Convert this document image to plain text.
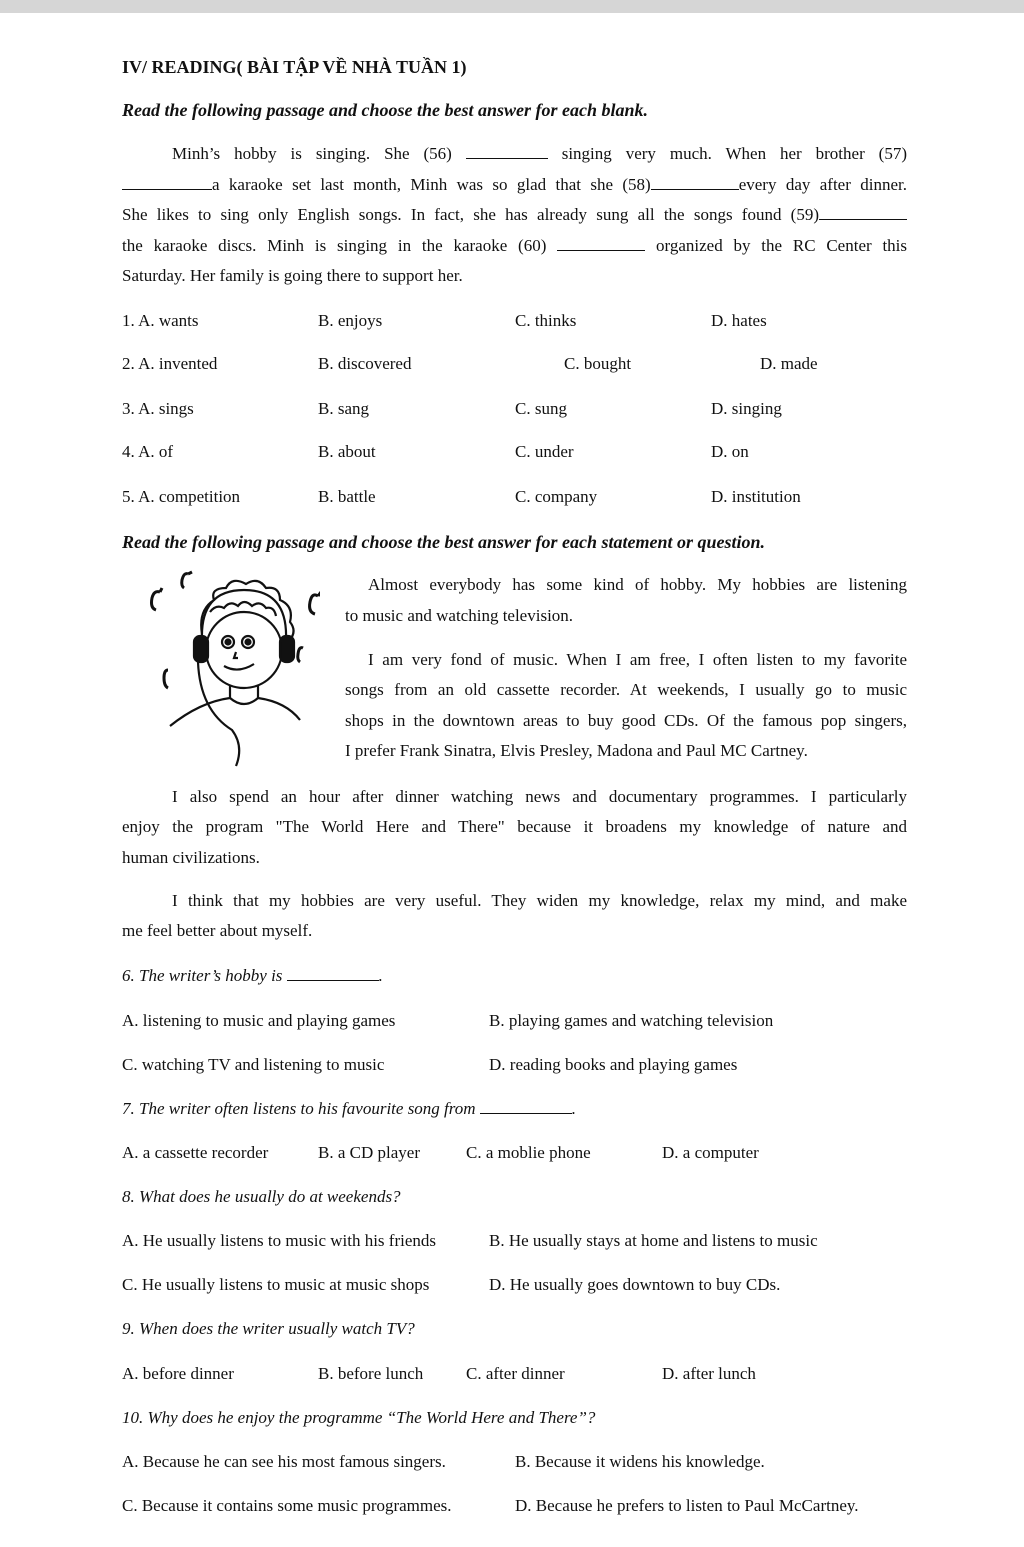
IV/ READING( BÀI TẬP VỀ NHÀ TUẦN 1)
Read the following passage and choose the best answer for each blank.
Minh’s hobby is singing. She (56)	singing very much. When her brother (57)
a karaoke set last month, Minh was so glad that she (58)	every day after dinner.
She likes to sing only English songs. In fact, she has already sung all the songs found (59)
the karaoke discs. Minh is singing in the karaoke (60)	organized by the RC Center this
Saturday. Her family is going there to support her.
1. A. wants	B. enjoys	C. thinks	D. hates
2. A. invented	B. discovered	C. bought	D. made
3. A. sings	B. sang	C. sung	D. singing
4. A. of	B. about	C. under	D. on
5. A. competition	B. battle	C. company	D. institution
Read the following passage and choose the best answer for each statement or question.
Almost everybody has some kind of hobby. My hobbies are listening
to music and watching television.
I am very fond of music. When I am free, I often listen to my favorite
songs from an old cassette recorder. At weekends, I usually go to music
shops in the downtown areas to buy good CDs. Of the famous pop singers,
I prefer Frank Sinatra, Elvis Presley, Madona and Paul MC Cartney.
I also spend an hour after dinner watching news and documentary programmes. I particularly
enjoy the program "The World Here and There" because it broadens my knowledge of nature and
human civilizations.
I think that my hobbies are very useful. They widen my knowledge, relax my mind, and make
me feel better about myself.
6. The writer’s hobby is	.
A. listening to music and playing games	B. playing games and watching television
C. watching TV and listening to music	D. reading books and playing games
7. The writer often listens to his favourite song from	.
A. a cassette recorder	B. a CD player	C. a moblie phone	D. a computer
8. What does he usually do at weekends?
A. He usually listens to music with his friends	B. He usually stays at home and listens to music
C. He usually listens to music at music shops	D. He usually goes downtown to buy CDs.
9. When does the writer usually watch TV?
A. before dinner	B. before lunch	C. after dinner	D. after lunch
10. Why does he enjoy the programme “The World Here and There”?
A. Because he can see his most famous singers.	B. Because it widens his knowledge.
C. Because it contains some music programmes.	D. Because he prefers to listen to Paul McCartney.
